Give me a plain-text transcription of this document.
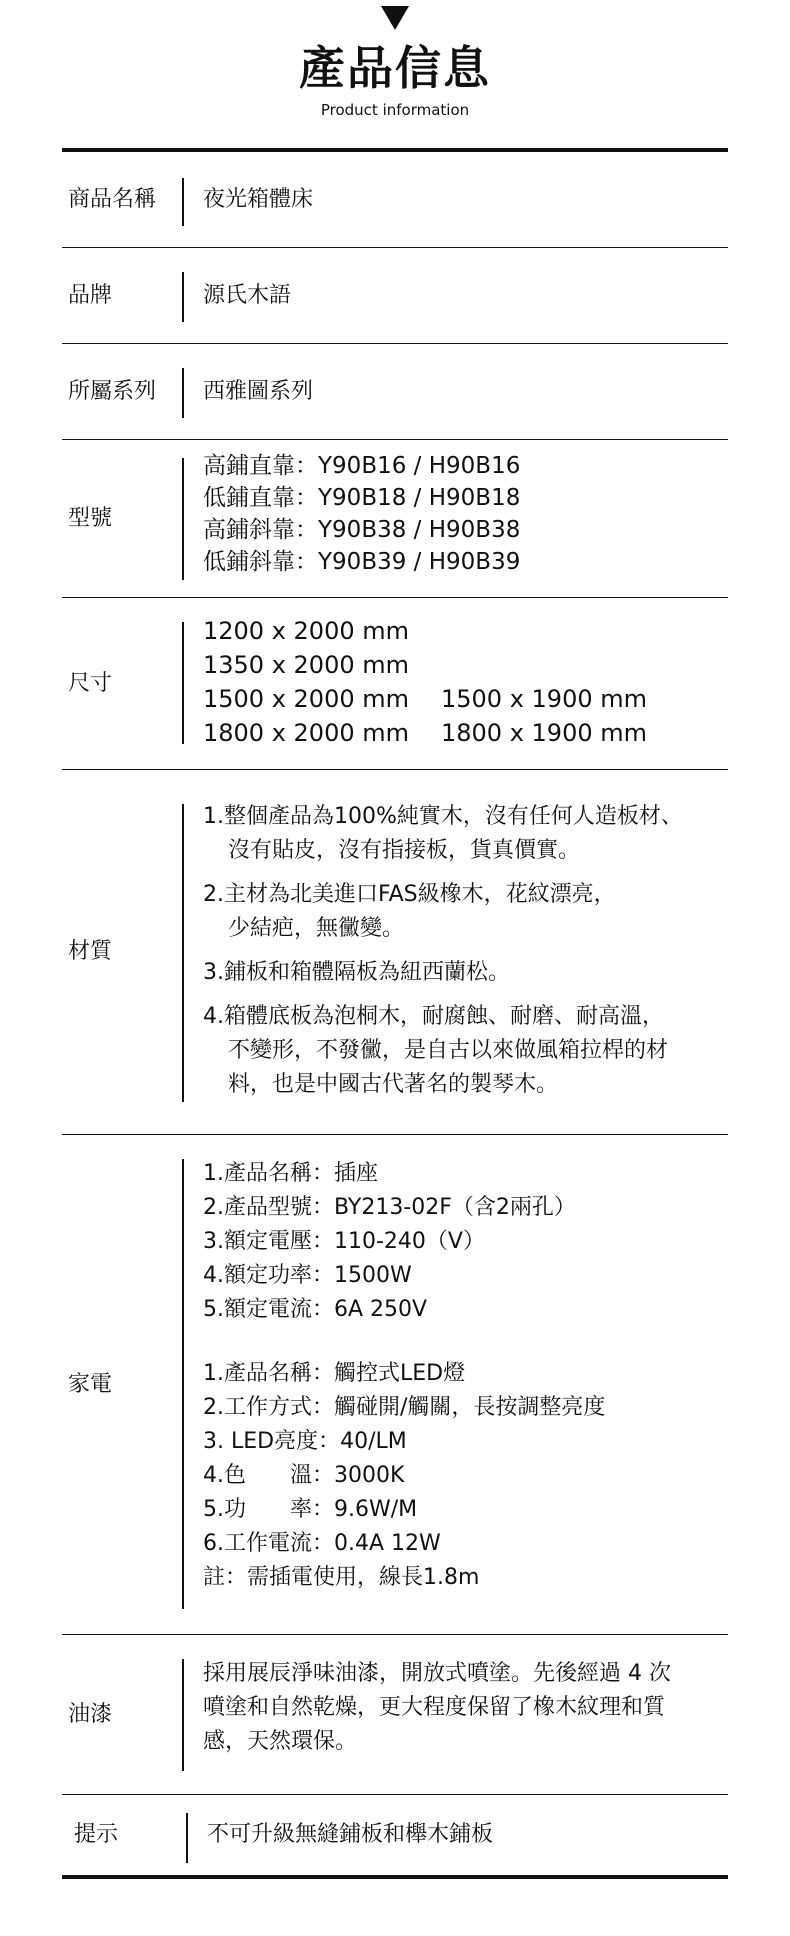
產品信息
Product information
商品名稱 夜光箱體床
品牌	源氏木語
所屬系列 西雅圖系列
型號
高鋪直靠：Y90B16 / H90B16
低鋪直靠：Y90B18 / H90B18
高鋪斜靠：Y90B38 / H90B38
低鋪斜靠：Y90B39 / H90B39
尺寸
1200 x 2000 mm
1350 x 2000 mm
1500 x 2000 mm 1500 x 1900 mm
1800 x 2000 mm 1800 x 1900 mm
材質
1.整個產品為100%純實木，沒有任何人造板材、
沒有貼皮，沒有指接板，貨真價實。
2.主材為北美進口FAS級橡木，花紋漂亮，
少結疤，無黴變。
3.鋪板和箱體隔板為紐西蘭松。
4.箱體底板為泡桐木，耐腐蝕、耐磨、耐高溫，
不變形，不發黴，是自古以來做風箱拉桿的材
料，也是中國古代著名的製琴木。
家電
1.產品名稱：插座
2.產品型號：BY213-02F（含2兩孔）
3.額定電壓：110-240（V）
4.額定功率：1500W
5.額定電流：6A 250V
1.產品名稱：觸控式LED燈
2.工作方式：觸碰開/觸關，長按調整亮度
3. LED亮度：40/LM
4.色　　溫：3000K
5.功　　率：9.6W/M
6.工作電流：0.4A 12W
註：需插電使用，線長1.8m
油漆
採用展辰淨味油漆，開放式噴塗。先後經過 4 次
噴塗和自然乾燥，更大程度保留了橡木紋理和質
感，天然環保。
提示	不可升級無縫鋪板和櫸木鋪板
